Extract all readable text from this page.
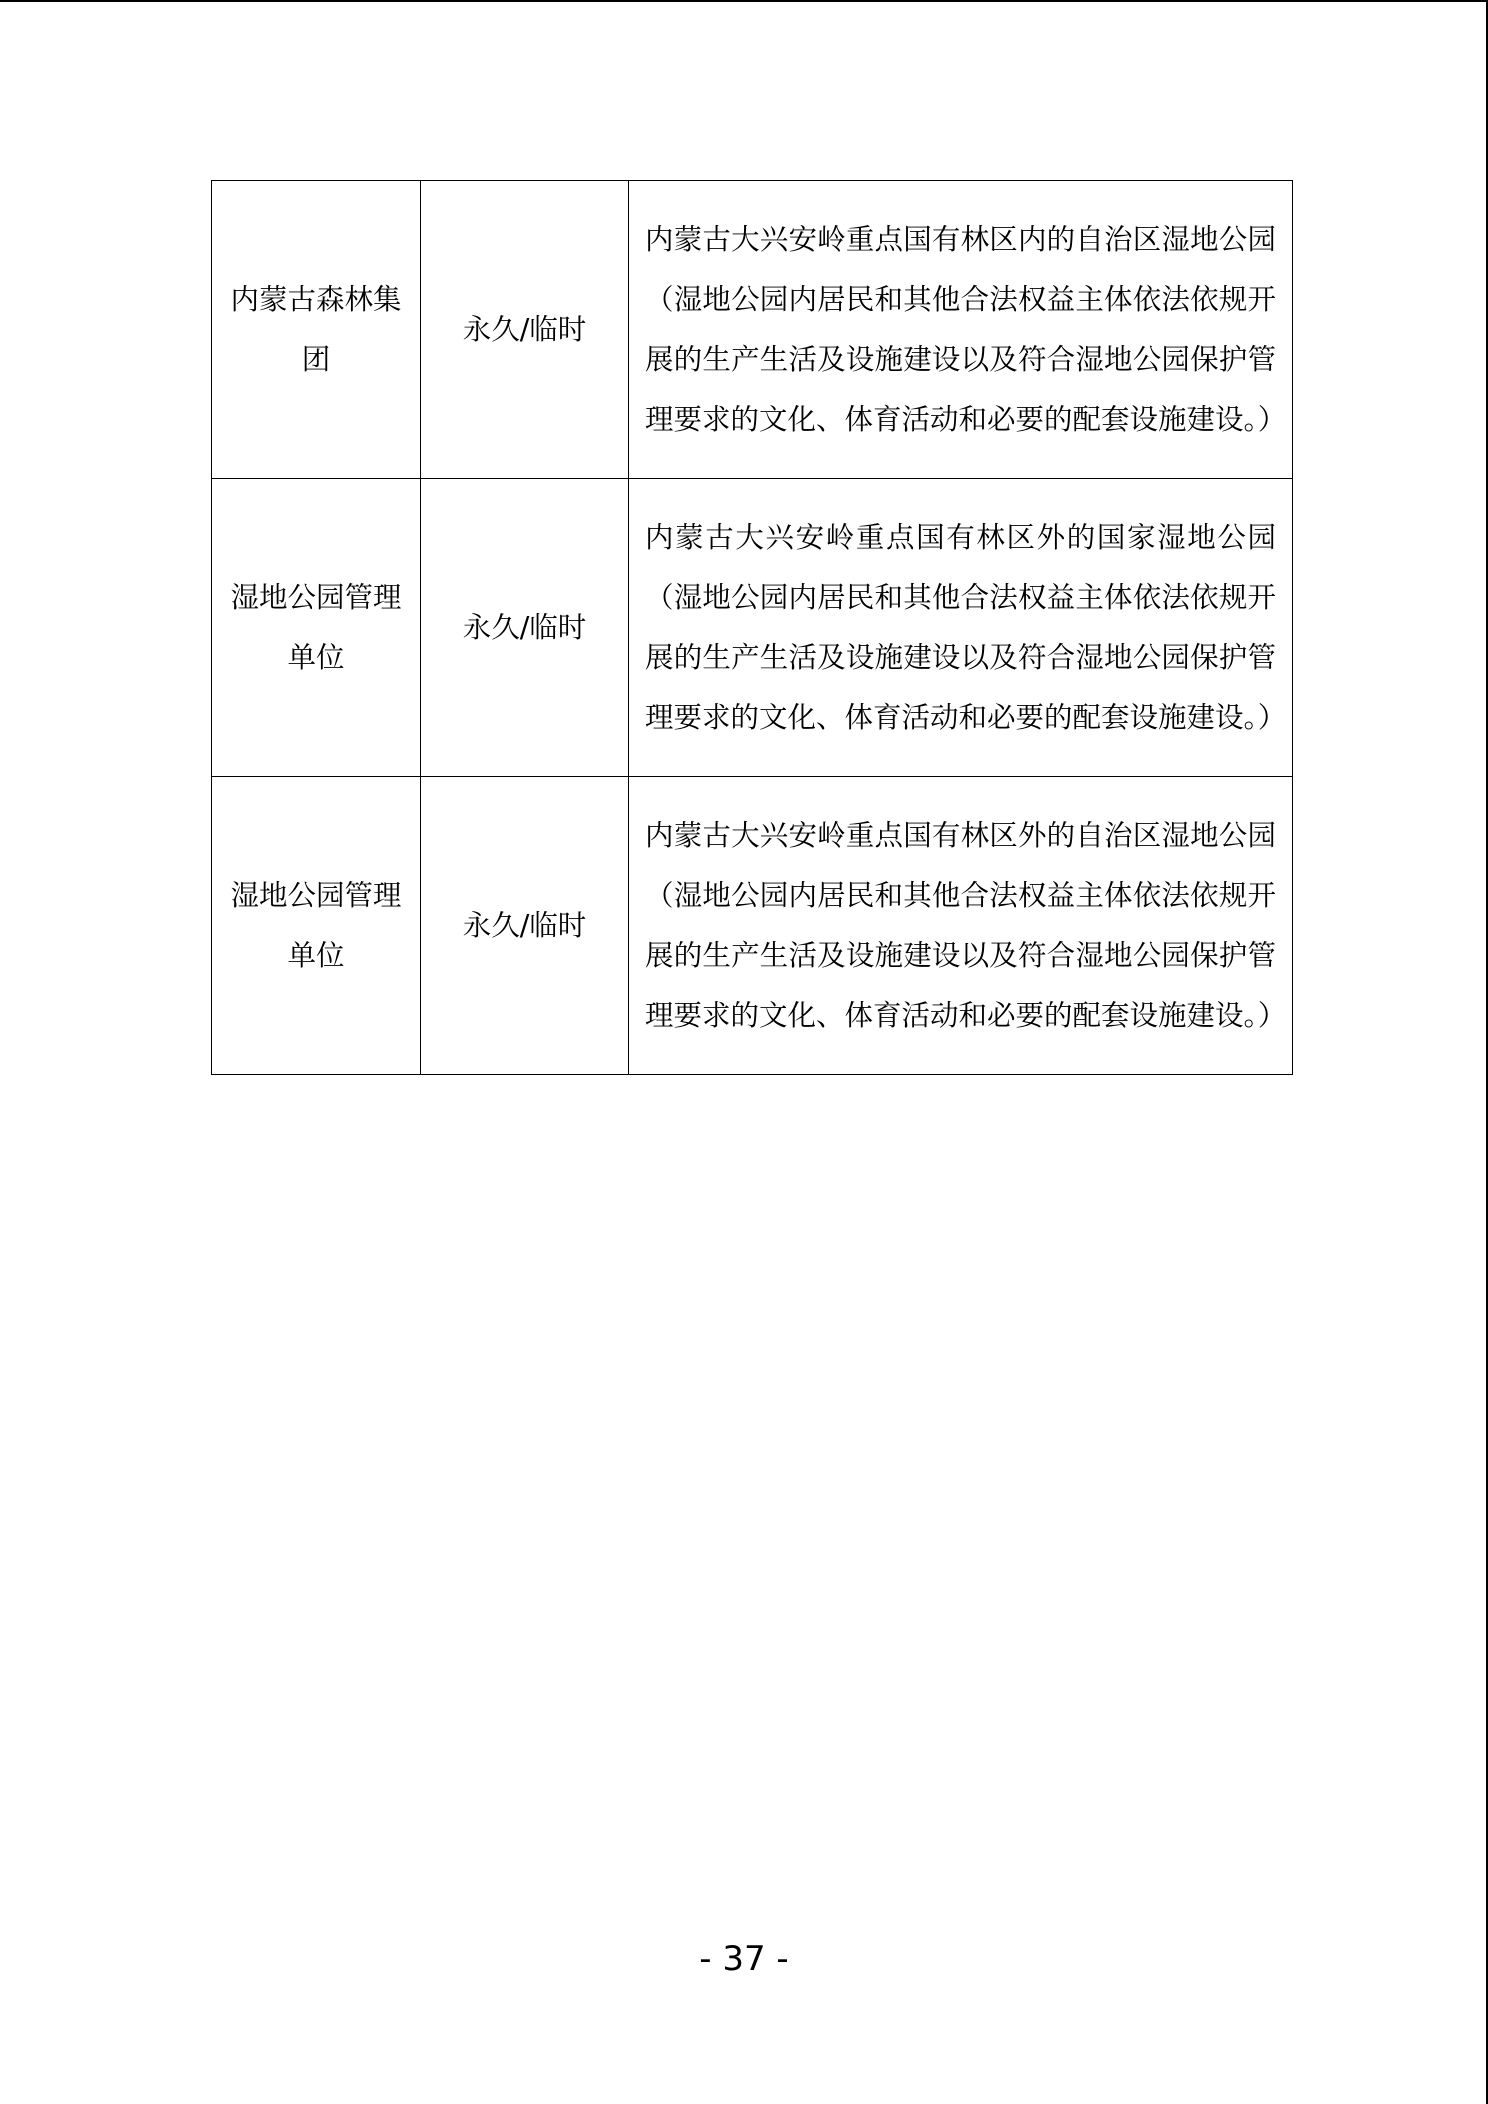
内蒙古森林集团	永久/临时	内蒙古大兴安岭重点国有林区内的自治区湿地公园（湿地公园内居民和其他合法权益主体依法依规开展的生产生活及设施建设以及符合湿地公园保护管理要求的文化、体育活动和必要的配套设施建设。）
湿地公园管理单位	永久/临时	内蒙古大兴安岭重点国有林区外的国家湿地公园（湿地公园内居民和其他合法权益主体依法依规开展的生产生活及设施建设以及符合湿地公园保护管理要求的文化、体育活动和必要的配套设施建设。）
湿地公园管理单位	永久/临时	内蒙古大兴安岭重点国有林区外的自治区湿地公园（湿地公园内居民和其他合法权益主体依法依规开展的生产生活及设施建设以及符合湿地公园保护管理要求的文化、体育活动和必要的配套设施建设。）
- 37 -
